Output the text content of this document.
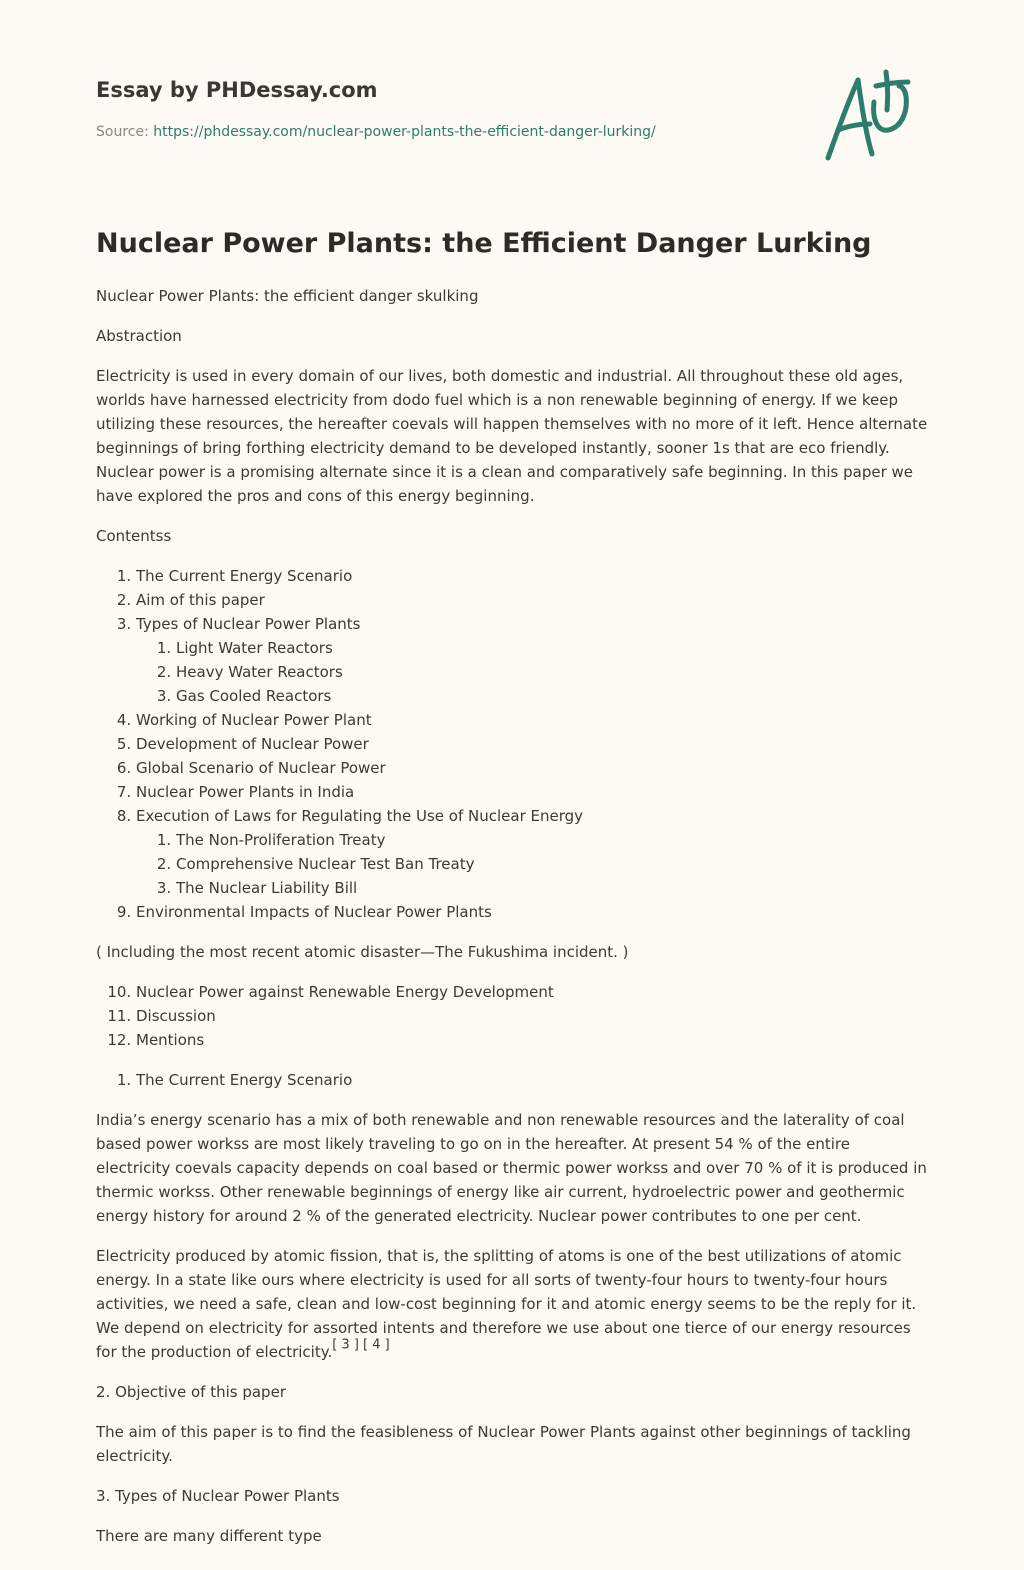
Essay by PHDessay.com
Source: https://phdessay.com/nuclear-power-plants-the-efficient-danger-lurking/
Nuclear Power Plants: the Efficient Danger Lurking

Nuclear Power Plants: the efficient danger skulking

Abstraction

Electricity is used in every domain of our lives, both domestic and industrial. All throughout these old ages, worlds have harnessed electricity from dodo fuel which is a non renewable beginning of energy. If we keep utilizing these resources, the hereafter coevals will happen themselves with no more of it left. Hence alternate beginnings of bring forthing electricity demand to be developed instantly, sooner 1s that are eco friendly. Nuclear power is a promising alternate since it is a clean and comparatively safe beginning. In this paper we have explored the pros and cons of this energy beginning.

Contentss

1. The Current Energy Scenario
2. Aim of this paper
3. Types of Nuclear Power Plants
1. Light Water Reactors
2. Heavy Water Reactors
3. Gas Cooled Reactors
4. Working of Nuclear Power Plant
5. Development of Nuclear Power
6. Global Scenario of Nuclear Power
7. Nuclear Power Plants in India
8. Execution of Laws for Regulating the Use of Nuclear Energy
1. The Non-Proliferation Treaty
2. Comprehensive Nuclear Test Ban Treaty
3. The Nuclear Liability Bill
9. Environmental Impacts of Nuclear Power Plants

( Including the most recent atomic disaster—The Fukushima incident. )

10. Nuclear Power against Renewable Energy Development
11. Discussion
12. Mentions
1. The Current Energy Scenario

India’s energy scenario has a mix of both renewable and non renewable resources and the laterality of coal based power workss are most likely traveling to go on in the hereafter. At present 54 % of the entire electricity coevals capacity depends on coal based or thermic power workss and over 70 % of it is produced in thermic workss. Other renewable beginnings of energy like air current, hydroelectric power and geothermic energy history for around 2 % of the generated electricity. Nuclear power contributes to one per cent.

Electricity produced by atomic fission, that is, the splitting of atoms is one of the best utilizations of atomic energy. In a state like ours where electricity is used for all sorts of twenty-four hours to twenty-four hours activities, we need a safe, clean and low-cost beginning for it and atomic energy seems to be the reply for it. We depend on electricity for assorted intents and therefore we use about one tierce of our energy resources for the production of electricity.[ 3 ] [ 4 ]

2. Objective of this paper

The aim of this paper is to find the feasibleness of Nuclear Power Plants against other beginnings of tackling electricity.

3. Types of Nuclear Power Plants

There are many different type
